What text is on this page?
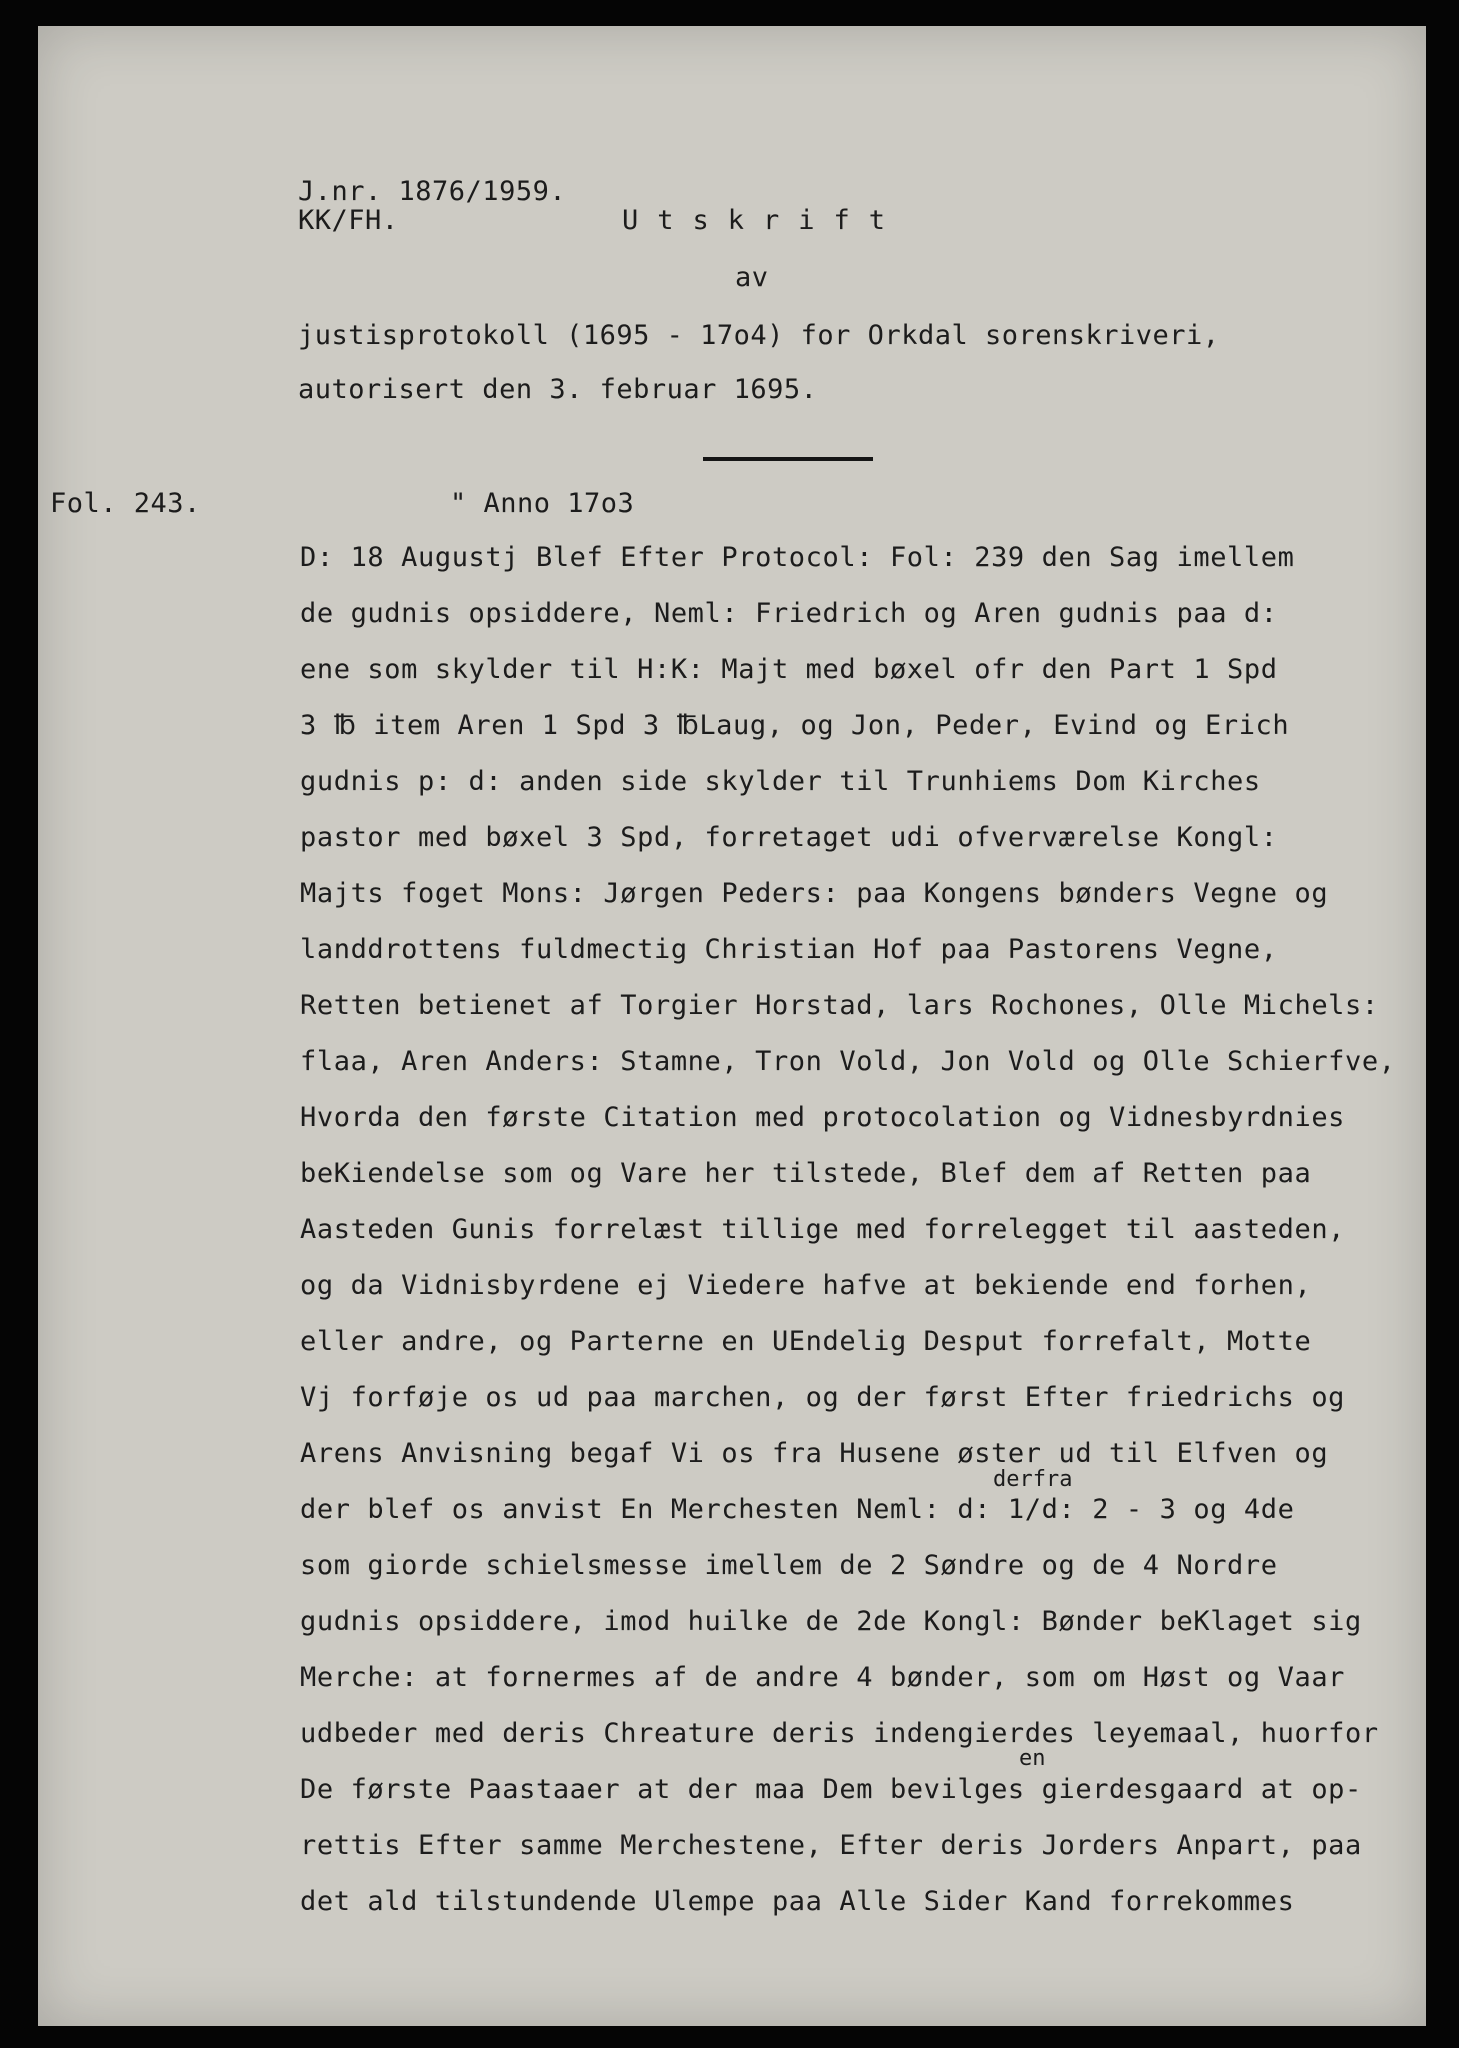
J.nr. 1876/1959.
KK/FH.	Utskrift
av
justisprotokoll (1695 - 17o4) for Orkdal sorenskriveri,
autorisert den 3. februar 1695.
Fol. 243.	" Anno 17o3
D: 18 Augustj Blef Efter Protocol: Fol: 239 den Sag imellem
de gudnis opsiddere, Neml: Friedrich og Aren gudnis paa d:
ene som skylder til H:K: Majt med bøxel ofr den Part 1 Spd
3 ℔ item Aren 1 Spd 3 ℔Laug, og Jon, Peder, Evind og Erich
gudnis p: d: anden side skylder til Trunhiems Dom Kirches
pastor med bøxel 3 Spd, forretaget udi ofverværelse Kongl:
Majts foget Mons: Jørgen Peders: paa Kongens bønders Vegne og
landdrottens fuldmectig Christian Hof paa Pastorens Vegne,
Retten betienet af Torgier Horstad, lars Rochones, Olle Michels:
flaa, Aren Anders: Stamne, Tron Vold, Jon Vold og Olle Schierfve,
Hvorda den første Citation med protocolation og Vidnesbyrdnies
beKiendelse som og Vare her tilstede, Blef dem af Retten paa
Aasteden Gunis forrelæst tillige med forrelegget til aasteden,
og da Vidnisbyrdene ej Viedere hafve at bekiende end forhen,
eller andre, og Parterne en UEndelig Desput forrefalt, Motte
Vj forføje os ud paa marchen, og der først Efter friedrichs og
Arens Anvisning begaf Vi os fra Husene øster ud til Elfven og
derfra
der blef os anvist En Merchesten Neml: d: 1/d: 2 - 3 og 4de
som giorde schielsmesse imellem de 2 Søndre og de 4 Nordre
gudnis opsiddere, imod huilke de 2de Kongl: Bønder beKlaget sig
Merche: at fornermes af de andre 4 bønder, som om Høst og Vaar
udbeder med deris Chreature deris indengierdes leyemaal, huorfor
en
De første Paastaaer at der maa Dem bevilges gierdesgaard at op-
rettis Efter samme Merchestene, Efter deris Jorders Anpart, paa
det ald tilstundende Ulempe paa Alle Sider Kand forrekommes
